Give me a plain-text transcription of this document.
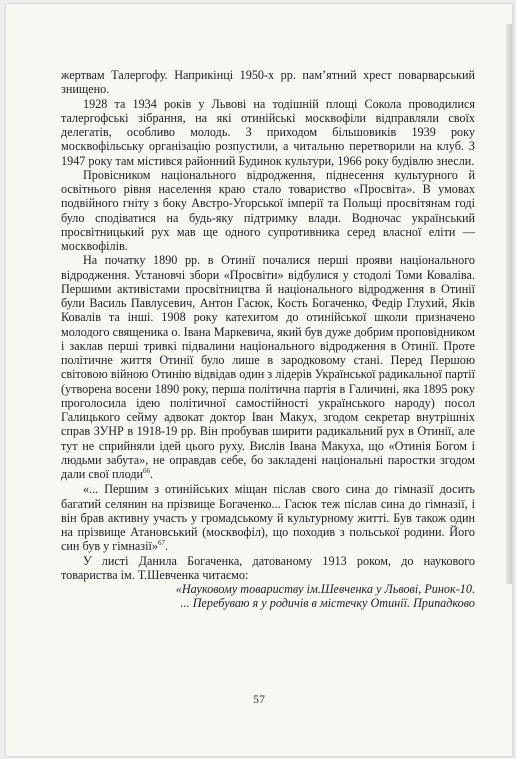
жертвам Талергофу. Наприкінці 1950-х рр. пам’ятний хрест поварварський знищено.

1928 та 1934 років у Львові на тодішній площі Сокола проводилися талергофські зібрання, на які отинійські москвофіли відправляли своїх делегатів, особливо молодь. З приходом більшовиків 1939 року москвофільську організацію розпустили, а читальню перетворили на клуб. З 1947 року там містився районний Будинок культури, 1966 року будівлю знесли.

Провісником національного відродження, піднесення культурного й освітнього рівня населення краю стало товариство «Просвіта». В умовах подвійного гніту з боку Австро-Угорської імперії та Польщі просвітянам годі було сподіватися на будь-яку підтримку влади. Водночас український просвітницький рух мав ще одного супротивника серед власної еліти — москвофілів.

На початку 1890 рр. в Отинії почалися перші прояви національного відродження. Установчі збори «Просвіти» відбулися у стодолі Томи Коваліва. Першими активістами просвітництва й національного відродження в Отинії були Василь Павлусевич, Антон Гасюк, Кость Богаченко, Федір Глухий, Яків Ковалів та інші. 1908 року катехитом до отинійської школи призначено молодого священика о. Івана Маркевича, який був дуже добрим проповідником і заклав перші тривкі підвалини національного відродження в Отинії. Проте політичне життя Отинії було лише в зародковому стані. Перед Першою світовою війною Отинію відвідав один з лідерів Української радикальної партії (утворена восени 1890 року, перша політична партія в Галичині, яка 1895 року проголосила ідею політичної самостійності українського народу) посол Галицького сейму адвокат доктор Іван Макух, згодом секретар внутрішніх справ ЗУНР в 1918-19 рр. Він пробував ширити радикальний рух в Отинії, але тут не сприйняли ідей цього руху. Вислів Івана Макуха, що «Отинія Богом і людьми забута», не оправдав себе, бо закладені національні паростки згодом дали свої плоди$^{66}$.

«... Першим з отинійських міщан післав свого сина до гімназії досить багатий селянин на прізвище Богаченко... Гасюк теж післав сина до гімназії, і він брав активну участь у громадському й культурному житті. Був також один на прізвище Атановський (москвофіл), що походив з польської родини. Його син був у гімназії»$^{67}$.

У листі Данила Богаченка, датованому 1913 роком, до наукового товариства ім. Т.Шевченка читаємо:

«Науковому товариству ім.Шевченка у Львові, Ринок-10.
... Перебуваю я у родичів в містечку Отинії. Припадково
57
